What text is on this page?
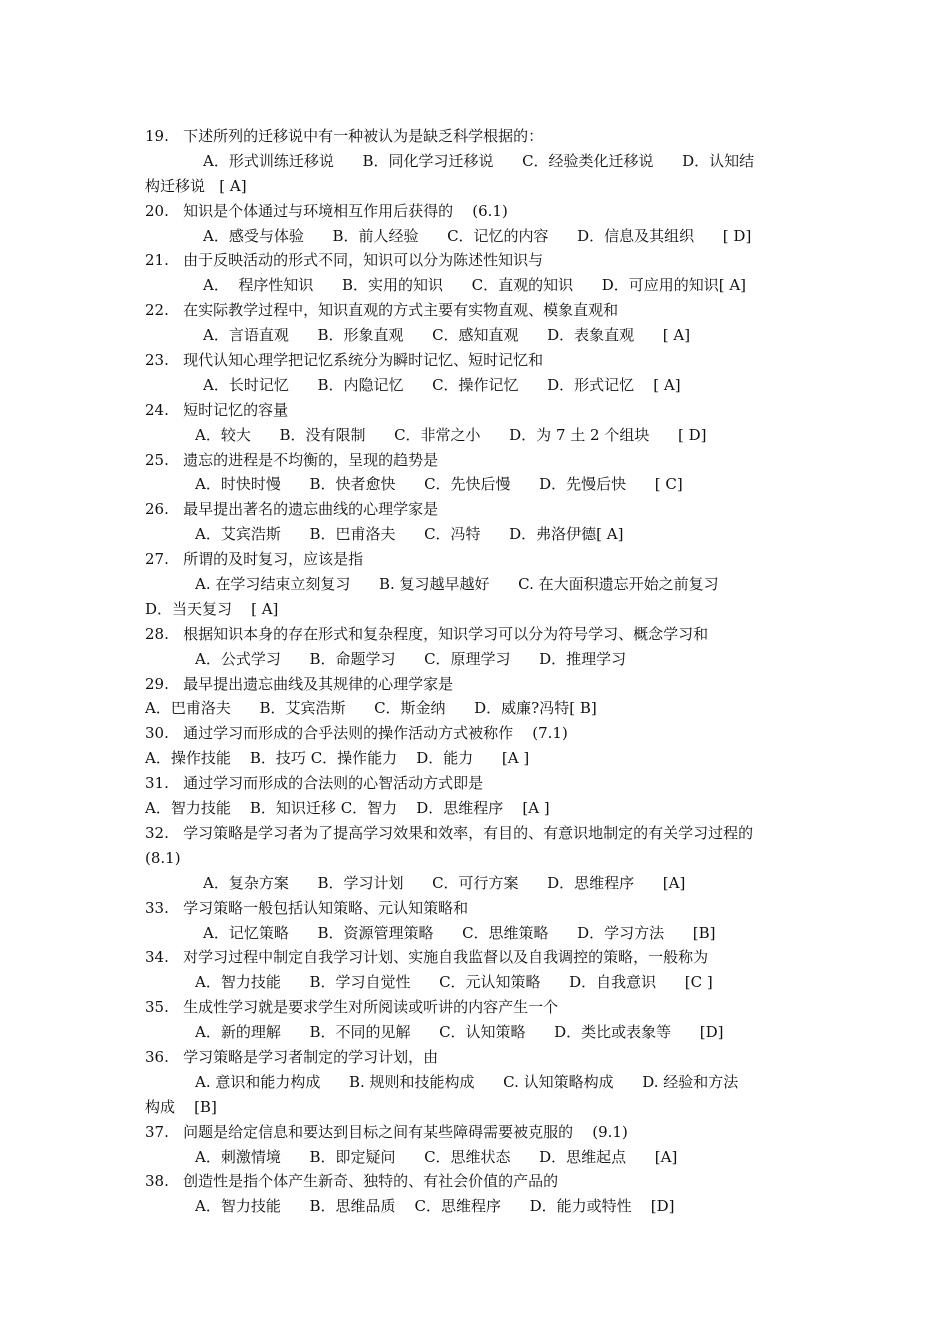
19.   下述所列的迁移说中有一种被认为是缺乏科学根据的：
A．形式训练迁移说      B．同化学习迁移说      C．经验类化迁移说      D．认知结
构迁移说   [ A]
20.   知识是个体通过与环境相互作用后获得的    (6.1)
A．感受与体验      B．前人经验      C．记忆的内容      D．信息及其组织      [ D]
21.   由于反映活动的形式不同，知识可以分为陈述性知识与
A．  程序性知识      B．实用的知识      C．直观的知识      D．可应用的知识[ A]
22.   在实际教学过程中，知识直观的方式主要有实物直观、模象直观和
A．言语直观      B．形象直观      C．感知直观      D．表象直观      [ A]
23.   现代认知心理学把记忆系统分为瞬时记忆、短时记忆和
A．长时记忆      B．内隐记忆      C．操作记忆      D．形式记忆    [ A]
24.   短时记忆的容量
A．较大      B．没有限制      C．非常之小      D．为 7 土 2 个组块      [ D]
25.   遗忘的进程是不均衡的，呈现的趋势是
A．时快时慢      B．快者愈快      C．先快后慢      D．先慢后快      [ C]
26.   最早提出著名的遗忘曲线的心理学家是
A．艾宾浩斯      B．巴甫洛夫      C．冯特      D．弗洛伊德[ A]
27.   所谓的及时复习，应该是指
A. 在学习结束立刻复习      B. 复习越早越好      C. 在大面积遗忘开始之前复习
D．当天复习    [ A]
28.   根据知识本身的存在形式和复杂程度，知识学习可以分为符号学习、概念学习和
A．公式学习      B．命题学习      C．原理学习      D．推理学习
29.   最早提出遗忘曲线及其规律的心理学家是
A．巴甫洛夫      B．艾宾浩斯      C．斯金纳      D．威廉?冯特[ B]
30.   通过学习而形成的合乎法则的操作活动方式被称作    (7.1)
A．操作技能    B．技巧 C．操作能力    D．能力      [A ]
31.   通过学习而形成的合法则的心智活动方式即是
A．智力技能    B．知识迁移 C．智力    D．思维程序    [A ]
32.   学习策略是学习者为了提高学习效果和效率，有目的、有意识地制定的有关学习过程的
(8.1)
A．复杂方案      B．学习计划      C．可行方案      D．思维程序      [A]
33.   学习策略一般包括认知策略、元认知策略和
A．记忆策略      B．资源管理策略      C．思维策略      D．学习方法      [B]
34.   对学习过程中制定自我学习计划、实施自我监督以及自我调控的策略，一般称为
A．智力技能      B．学习自觉性      C．元认知策略      D．自我意识      [C ]
35.   生成性学习就是要求学生对所阅读或听讲的内容产生一个
A．新的理解      B．不同的见解      C．认知策略      D．类比或表象等      [D]
36.   学习策略是学习者制定的学习计划，由
A. 意识和能力构成      B. 规则和技能构成      C. 认知策略构成      D. 经验和方法
构成    [B]
37.   问题是给定信息和要达到目标之间有某些障碍需要被克服的    (9.1)
A．刺激情境      B．即定疑问      C．思维状态      D．思维起点      [A]
38.   创造性是指个体产生新奇、独特的、有社会价值的产品的
A．智力技能      B．思维品质    C．思维程序      D．能力或特性    [D]
